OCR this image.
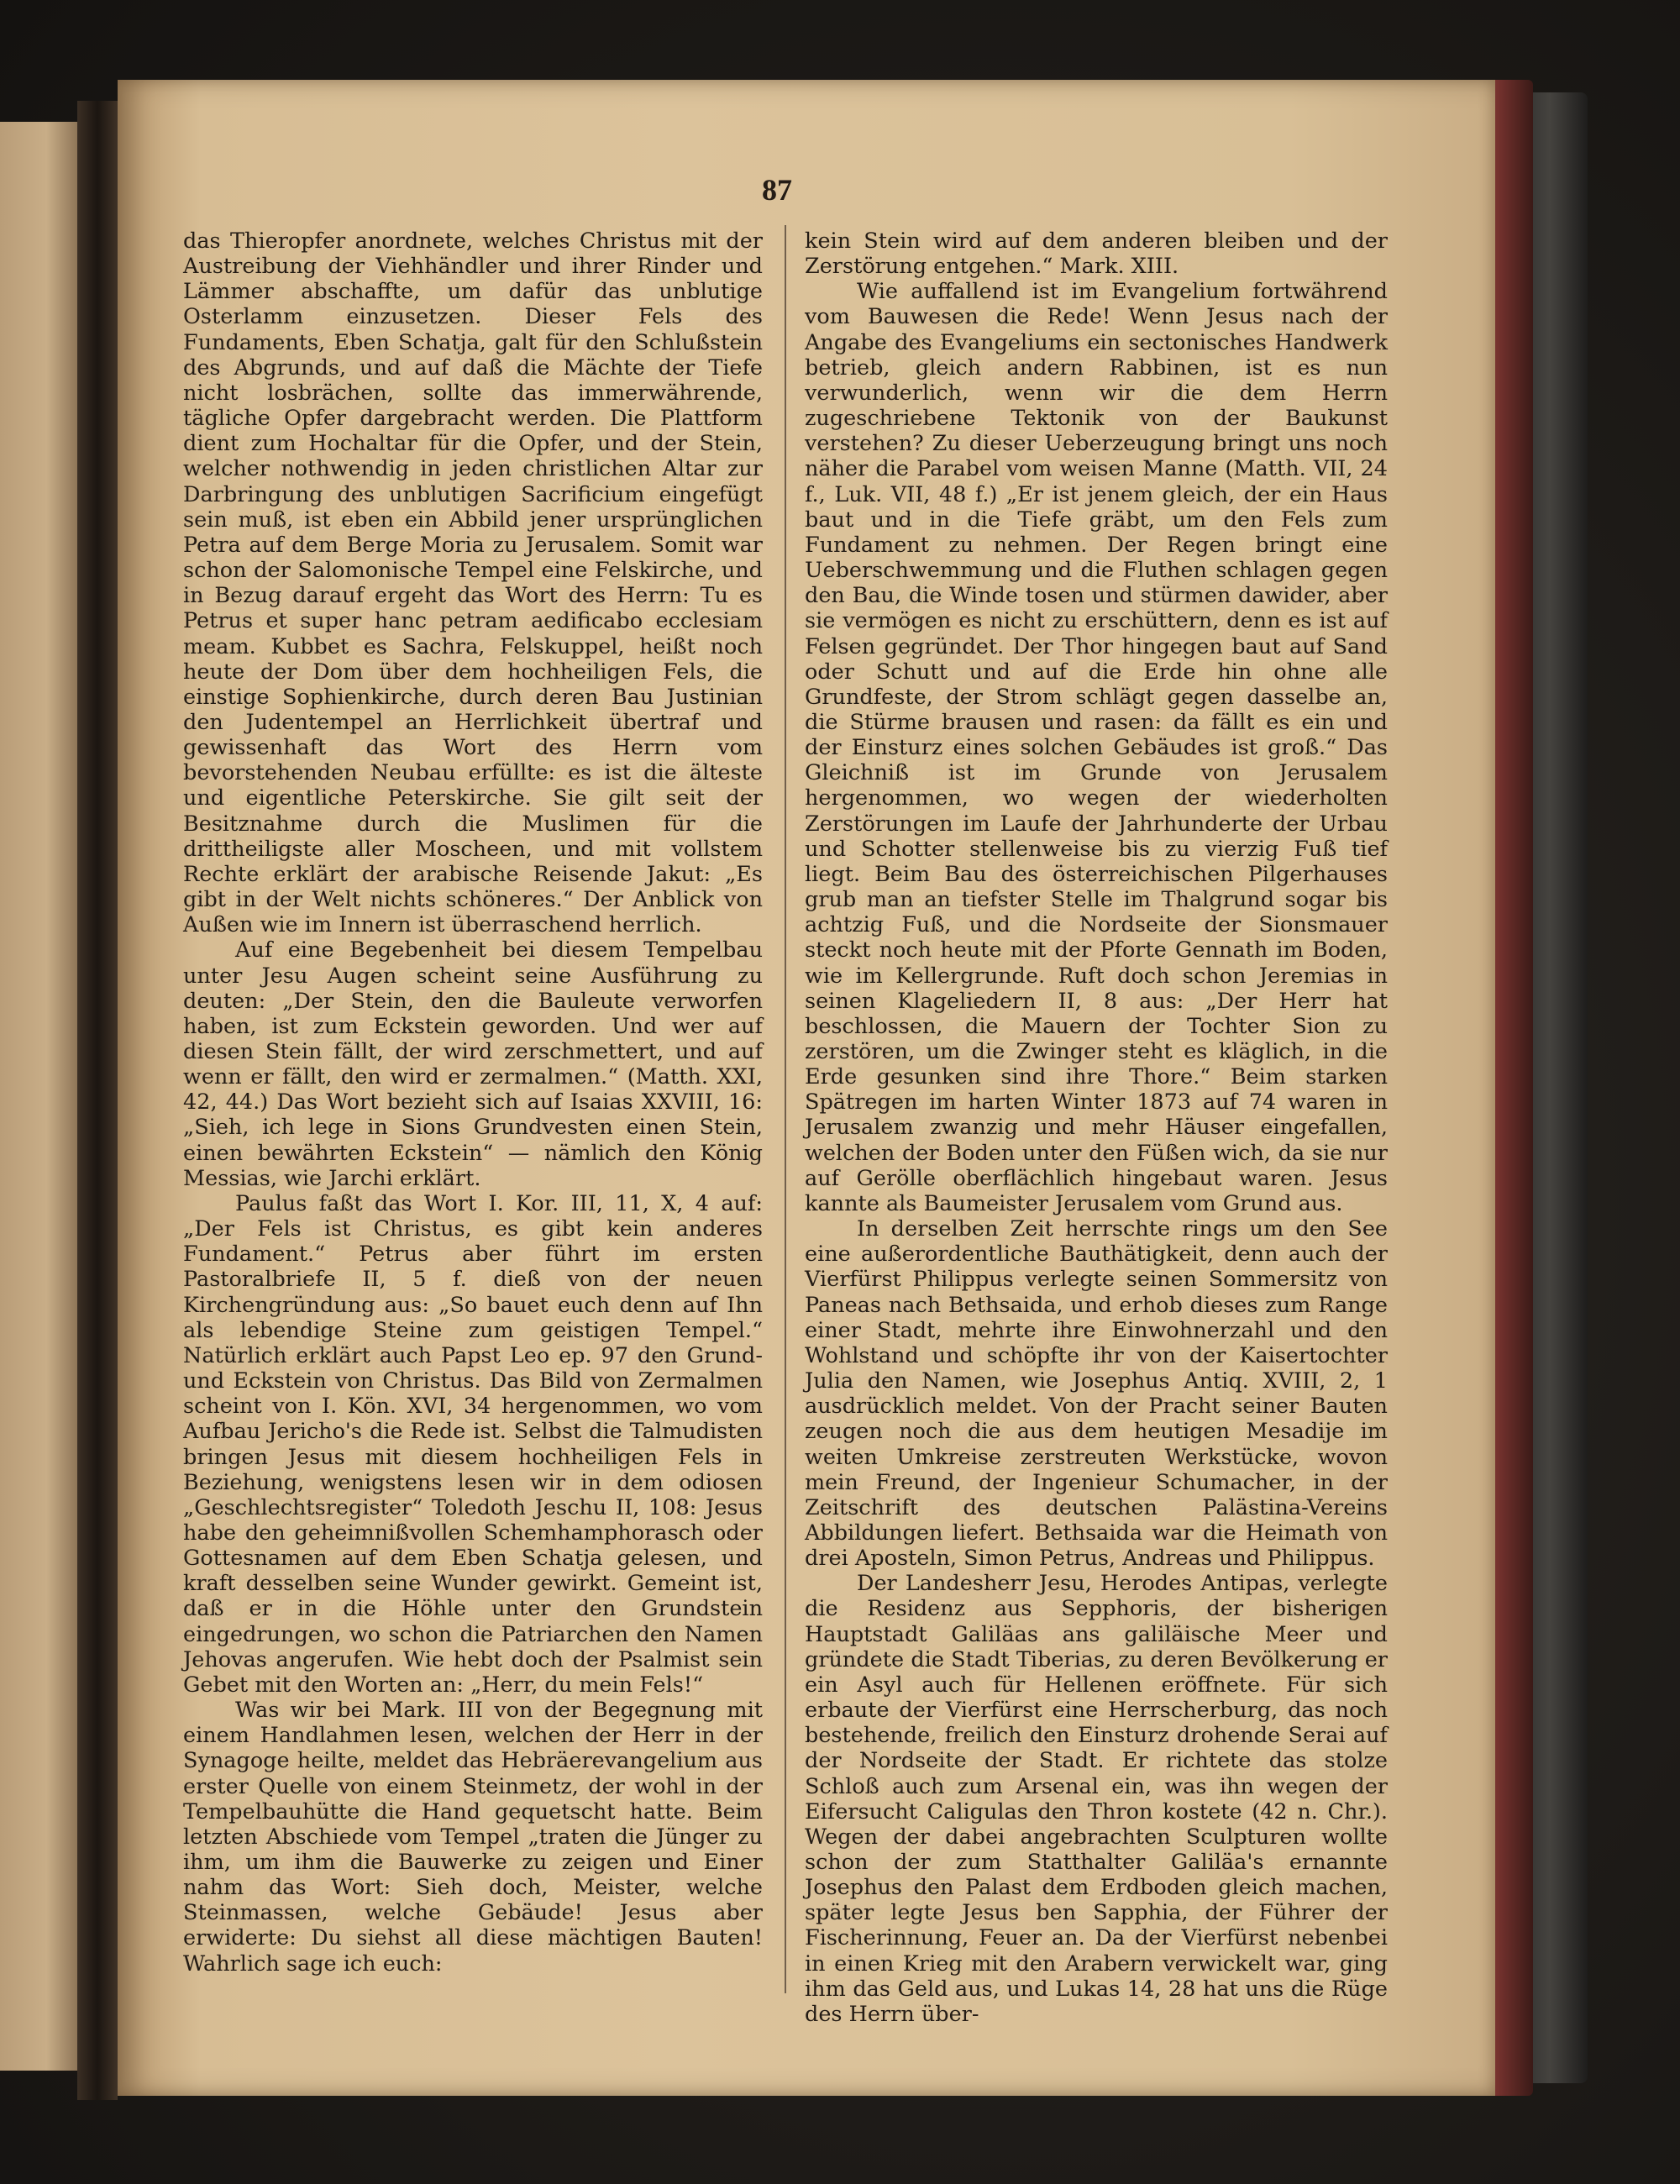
87

das Thieropfer anordnete, welches Christus mit der Austreibung der Viehhändler und ihrer Rinder und Lämmer abschaffte, um dafür das unblutige Osterlamm einzusetzen. Dieser Fels des Fundaments, Eben Schatja, galt für den Schlußstein des Abgrunds, und auf daß die Mächte der Tiefe nicht losbrächen, sollte das immerwährende, tägliche Opfer dargebracht werden. Die Plattform dient zum Hochaltar für die Opfer, und der Stein, welcher nothwendig in jeden christlichen Altar zur Darbringung des unblutigen Sacrificium eingefügt sein muß, ist eben ein Abbild jener ursprünglichen Petra auf dem Berge Moria zu Jerusalem. Somit war schon der Salomonische Tempel eine Felskirche, und in Bezug darauf ergeht das Wort des Herrn: Tu es Petrus et super hanc petram aedificabo ecclesiam meam. Kubbet es Sachra, Felskuppel, heißt noch heute der Dom über dem hochheiligen Fels, die einstige Sophienkirche, durch deren Bau Justinian den Judentempel an Herrlichkeit übertraf und gewissenhaft das Wort des Herrn vom bevorstehenden Neubau erfüllte: es ist die älteste und eigentliche Peterskirche. Sie gilt seit der Besitznahme durch die Muslimen für die drittheiligste aller Moscheen, und mit vollstem Rechte erklärt der arabische Reisende Jakut: „Es gibt in der Welt nichts schöneres.“ Der Anblick von Außen wie im Innern ist überraschend herrlich.

Auf eine Begebenheit bei diesem Tempelbau unter Jesu Augen scheint seine Ausführung zu deuten: „Der Stein, den die Bauleute verworfen haben, ist zum Eckstein geworden. Und wer auf diesen Stein fällt, der wird zerschmettert, und auf wenn er fällt, den wird er zermalmen.“ (Matth. XXI, 42, 44.) Das Wort bezieht sich auf Isaias XXVIII, 16: „Sieh, ich lege in Sions Grundvesten einen Stein, einen bewährten Eckstein“ — nämlich den König Messias, wie Jarchi erklärt.

Paulus faßt das Wort I. Kor. III, 11, X, 4 auf: „Der Fels ist Christus, es gibt kein anderes Fundament.“ Petrus aber führt im ersten Pastoralbriefe II, 5 f. dieß von der neuen Kirchengründung aus: „So bauet euch denn auf Ihn als lebendige Steine zum geistigen Tempel.“ Natürlich erklärt auch Papst Leo ep. 97 den Grund- und Eckstein von Christus. Das Bild von Zermalmen scheint von I. Kön. XVI, 34 hergenommen, wo vom Aufbau Jericho's die Rede ist. Selbst die Talmudisten bringen Jesus mit diesem hochheiligen Fels in Beziehung, wenigstens lesen wir in dem odiosen „Geschlechtsregister“ Toledoth Jeschu II, 108: Jesus habe den geheimnißvollen Schemhamphorasch oder Gottesnamen auf dem Eben Schatja gelesen, und kraft desselben seine Wunder gewirkt. Gemeint ist, daß er in die Höhle unter den Grundstein eingedrungen, wo schon die Patriarchen den Namen Jehovas angerufen. Wie hebt doch der Psalmist sein Gebet mit den Worten an: „Herr, du mein Fels!“

Was wir bei Mark. III von der Begegnung mit einem Handlahmen lesen, welchen der Herr in der Synagoge heilte, meldet das Hebräerevangelium aus erster Quelle von einem Steinmetz, der wohl in der Tempelbauhütte die Hand gequetscht hatte. Beim letzten Abschiede vom Tempel „traten die Jünger zu ihm, um ihm die Bauwerke zu zeigen und Einer nahm das Wort: Sieh doch, Meister, welche Steinmassen, welche Gebäude! Jesus aber erwiderte: Du siehst all diese mächtigen Bauten! Wahrlich sage ich euch:

kein Stein wird auf dem anderen bleiben und der Zerstörung entgehen.“ Mark. XIII.

Wie auffallend ist im Evangelium fortwährend vom Bauwesen die Rede! Wenn Jesus nach der Angabe des Evangeliums ein sectonisches Handwerk betrieb, gleich andern Rabbinen, ist es nun verwunderlich, wenn wir die dem Herrn zugeschriebene Tektonik von der Baukunst verstehen? Zu dieser Ueberzeugung bringt uns noch näher die Parabel vom weisen Manne (Matth. VII, 24 f., Luk. VII, 48 f.) „Er ist jenem gleich, der ein Haus baut und in die Tiefe gräbt, um den Fels zum Fundament zu nehmen. Der Regen bringt eine Ueberschwemmung und die Fluthen schlagen gegen den Bau, die Winde tosen und stürmen dawider, aber sie vermögen es nicht zu erschüttern, denn es ist auf Felsen gegründet. Der Thor hingegen baut auf Sand oder Schutt und auf die Erde hin ohne alle Grundfeste, der Strom schlägt gegen dasselbe an, die Stürme brausen und rasen: da fällt es ein und der Einsturz eines solchen Gebäudes ist groß.“ Das Gleichniß ist im Grunde von Jerusalem hergenommen, wo wegen der wiederholten Zerstörungen im Laufe der Jahrhunderte der Urbau und Schotter stellenweise bis zu vierzig Fuß tief liegt. Beim Bau des österreichischen Pilgerhauses grub man an tiefster Stelle im Thalgrund sogar bis achtzig Fuß, und die Nordseite der Sionsmauer steckt noch heute mit der Pforte Gennath im Boden, wie im Kellergrunde. Ruft doch schon Jeremias in seinen Klageliedern II, 8 aus: „Der Herr hat beschlossen, die Mauern der Tochter Sion zu zerstören, um die Zwinger steht es kläglich, in die Erde gesunken sind ihre Thore.“ Beim starken Spätregen im harten Winter 1873 auf 74 waren in Jerusalem zwanzig und mehr Häuser eingefallen, welchen der Boden unter den Füßen wich, da sie nur auf Gerölle oberflächlich hingebaut waren. Jesus kannte als Baumeister Jerusalem vom Grund aus.

In derselben Zeit herrschte rings um den See eine außerordentliche Bauthätigkeit, denn auch der Vierfürst Philippus verlegte seinen Sommersitz von Paneas nach Bethsaida, und erhob dieses zum Range einer Stadt, mehrte ihre Einwohnerzahl und den Wohlstand und schöpfte ihr von der Kaisertochter Julia den Namen, wie Josephus Antiq. XVIII, 2, 1 ausdrücklich meldet. Von der Pracht seiner Bauten zeugen noch die aus dem heutigen Mesadije im weiten Umkreise zerstreuten Werkstücke, wovon mein Freund, der Ingenieur Schumacher, in der Zeitschrift des deutschen Palästina-Vereins Abbildungen liefert. Bethsaida war die Heimath von drei Aposteln, Simon Petrus, Andreas und Philippus.

Der Landesherr Jesu, Herodes Antipas, verlegte die Residenz aus Sepphoris, der bisherigen Hauptstadt Galiläas ans galiläische Meer und gründete die Stadt Tiberias, zu deren Bevölkerung er ein Asyl auch für Hellenen eröffnete. Für sich erbaute der Vierfürst eine Herrscherburg, das noch bestehende, freilich den Einsturz drohende Serai auf der Nordseite der Stadt. Er richtete das stolze Schloß auch zum Arsenal ein, was ihn wegen der Eifersucht Caligulas den Thron kostete (42 n. Chr.). Wegen der dabei angebrachten Sculpturen wollte schon der zum Statthalter Galiläa's ernannte Josephus den Palast dem Erdboden gleich machen, später legte Jesus ben Sapphia, der Führer der Fischerinnung, Feuer an. Da der Vierfürst nebenbei in einen Krieg mit den Arabern verwickelt war, ging ihm das Geld aus, und Lukas 14, 28 hat uns die Rüge des Herrn über-
